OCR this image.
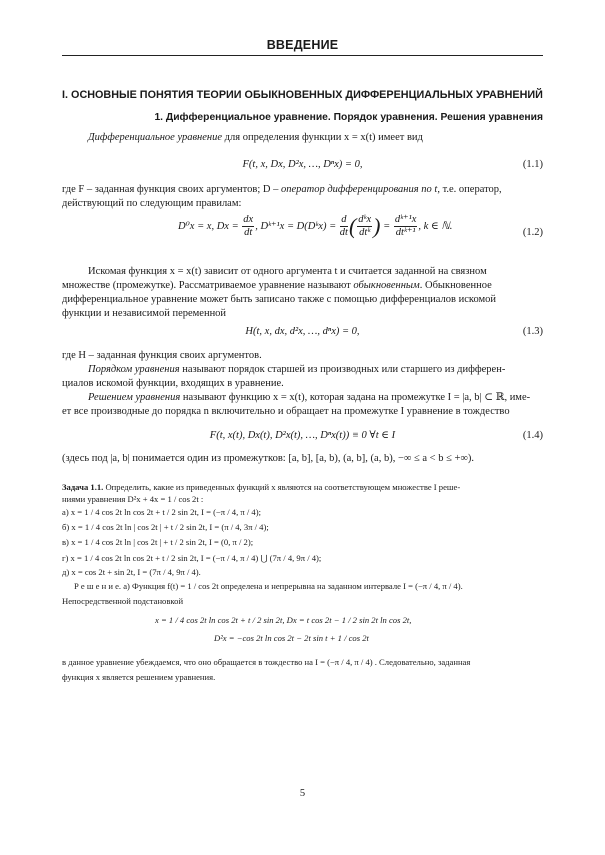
ВВЕДЕНИЕ
I. ОСНОВНЫЕ ПОНЯТИЯ ТЕОРИИ ОБЫКНОВЕННЫХ ДИФФЕРЕНЦИАЛЬНЫХ УРАВНЕНИЙ
1. Дифференциальное уравнение. Порядок уравнения. Решения уравнения
Дифференциальное уравнение для определения функции x = x(t) имеет вид
F(t, x, Dx, D²x, …, Dⁿx) = 0,	(1.1)
где F – заданная функция своих аргументов; D – оператор дифференцирования по t, т.е. оператор,
действующий по следующим правилам:
D⁰x = x, $Dx = \frac{dx}{dt}$ , Dᵏ⁺¹x = D(Dᵏx) = $\frac{d}{dt}$ ( $\frac{\text{dᵏx}}{\text{dtᵏ}}$ ) = $\frac{\text{dᵏ⁺¹x}}{\text{dtᵏ⁺¹}}$ , k ∈ ℕ.
(1.2)
Искомая функция x = x(t) зависит от одного аргумента t и считается заданной на связном
множестве (промежутке). Рассматриваемое уравнение называют обыкновенным. Обыкновенное
дифференциальное уравнение может быть записано также с помощью дифференциалов искомой
функции и независимой переменной
H(t, x, dx, d²x, …, dⁿx) = 0,	(1.3)
где H – заданная функция своих аргументов.
Порядком уравнения называют порядок старшей из производных или старшего из дифферен-
циалов искомой функции, входящих в уравнение.
Решением уравнения называют функцию x = x(t), которая задана на промежутке I = |a, b| ⊂ ℝ, име-
ет все производные до порядка n включительно и обращает на промежутке I уравнение в тождество
F(t, x(t), Dx(t), D²x(t), …, Dⁿx(t)) ≡ 0 ∀t ∈ I	(1.4)
(здесь под |a, b| понимается один из промежутков: [a, b], [a, b), (a, b], (a, b), −∞ ≤ a < b ≤ +∞).
Задача 1.1. Определить, какие из приведенных функций x являются на соответствующем множестве I реше-
ниями уравнения D²x + 4x = 1 / cos 2t :
а) x = 1 / 4 cos 2t ln cos 2t + t / 2 sin 2t, I = (−π / 4, π / 4);
б) x = 1 / 4 cos 2t ln | cos 2t | + t / 2 sin 2t, I = (π / 4, 3π / 4);
в) x = 1 / 4 cos 2t ln | cos 2t | + t / 2 sin 2t, I = (0, π / 2);
г) x = 1 / 4 cos 2t ln cos 2t + t / 2 sin 2t, I = (−π / 4, π / 4) ⋃ (7π / 4, 9π / 4);
д) x = cos 2t + sin 2t, I = (7π / 4, 9π / 4).
Р е ш е н и е. а) Функция f(t) = 1 / cos 2t определена и непрерывна на заданном интервале I = (−π / 4, π / 4).
Непосредственной подстановкой
x = 1 / 4 cos 2t ln cos 2t + t / 2 sin 2t, Dx = t cos 2t − 1 / 2 sin 2t ln cos 2t,
D²x = −cos 2t ln cos 2t − 2t sin t + 1 / cos 2t
в данное уравнение убеждаемся, что оно обращается в тождество на I = (−π / 4, π / 4) . Следовательно, заданная
функция x является решением уравнения.
5
